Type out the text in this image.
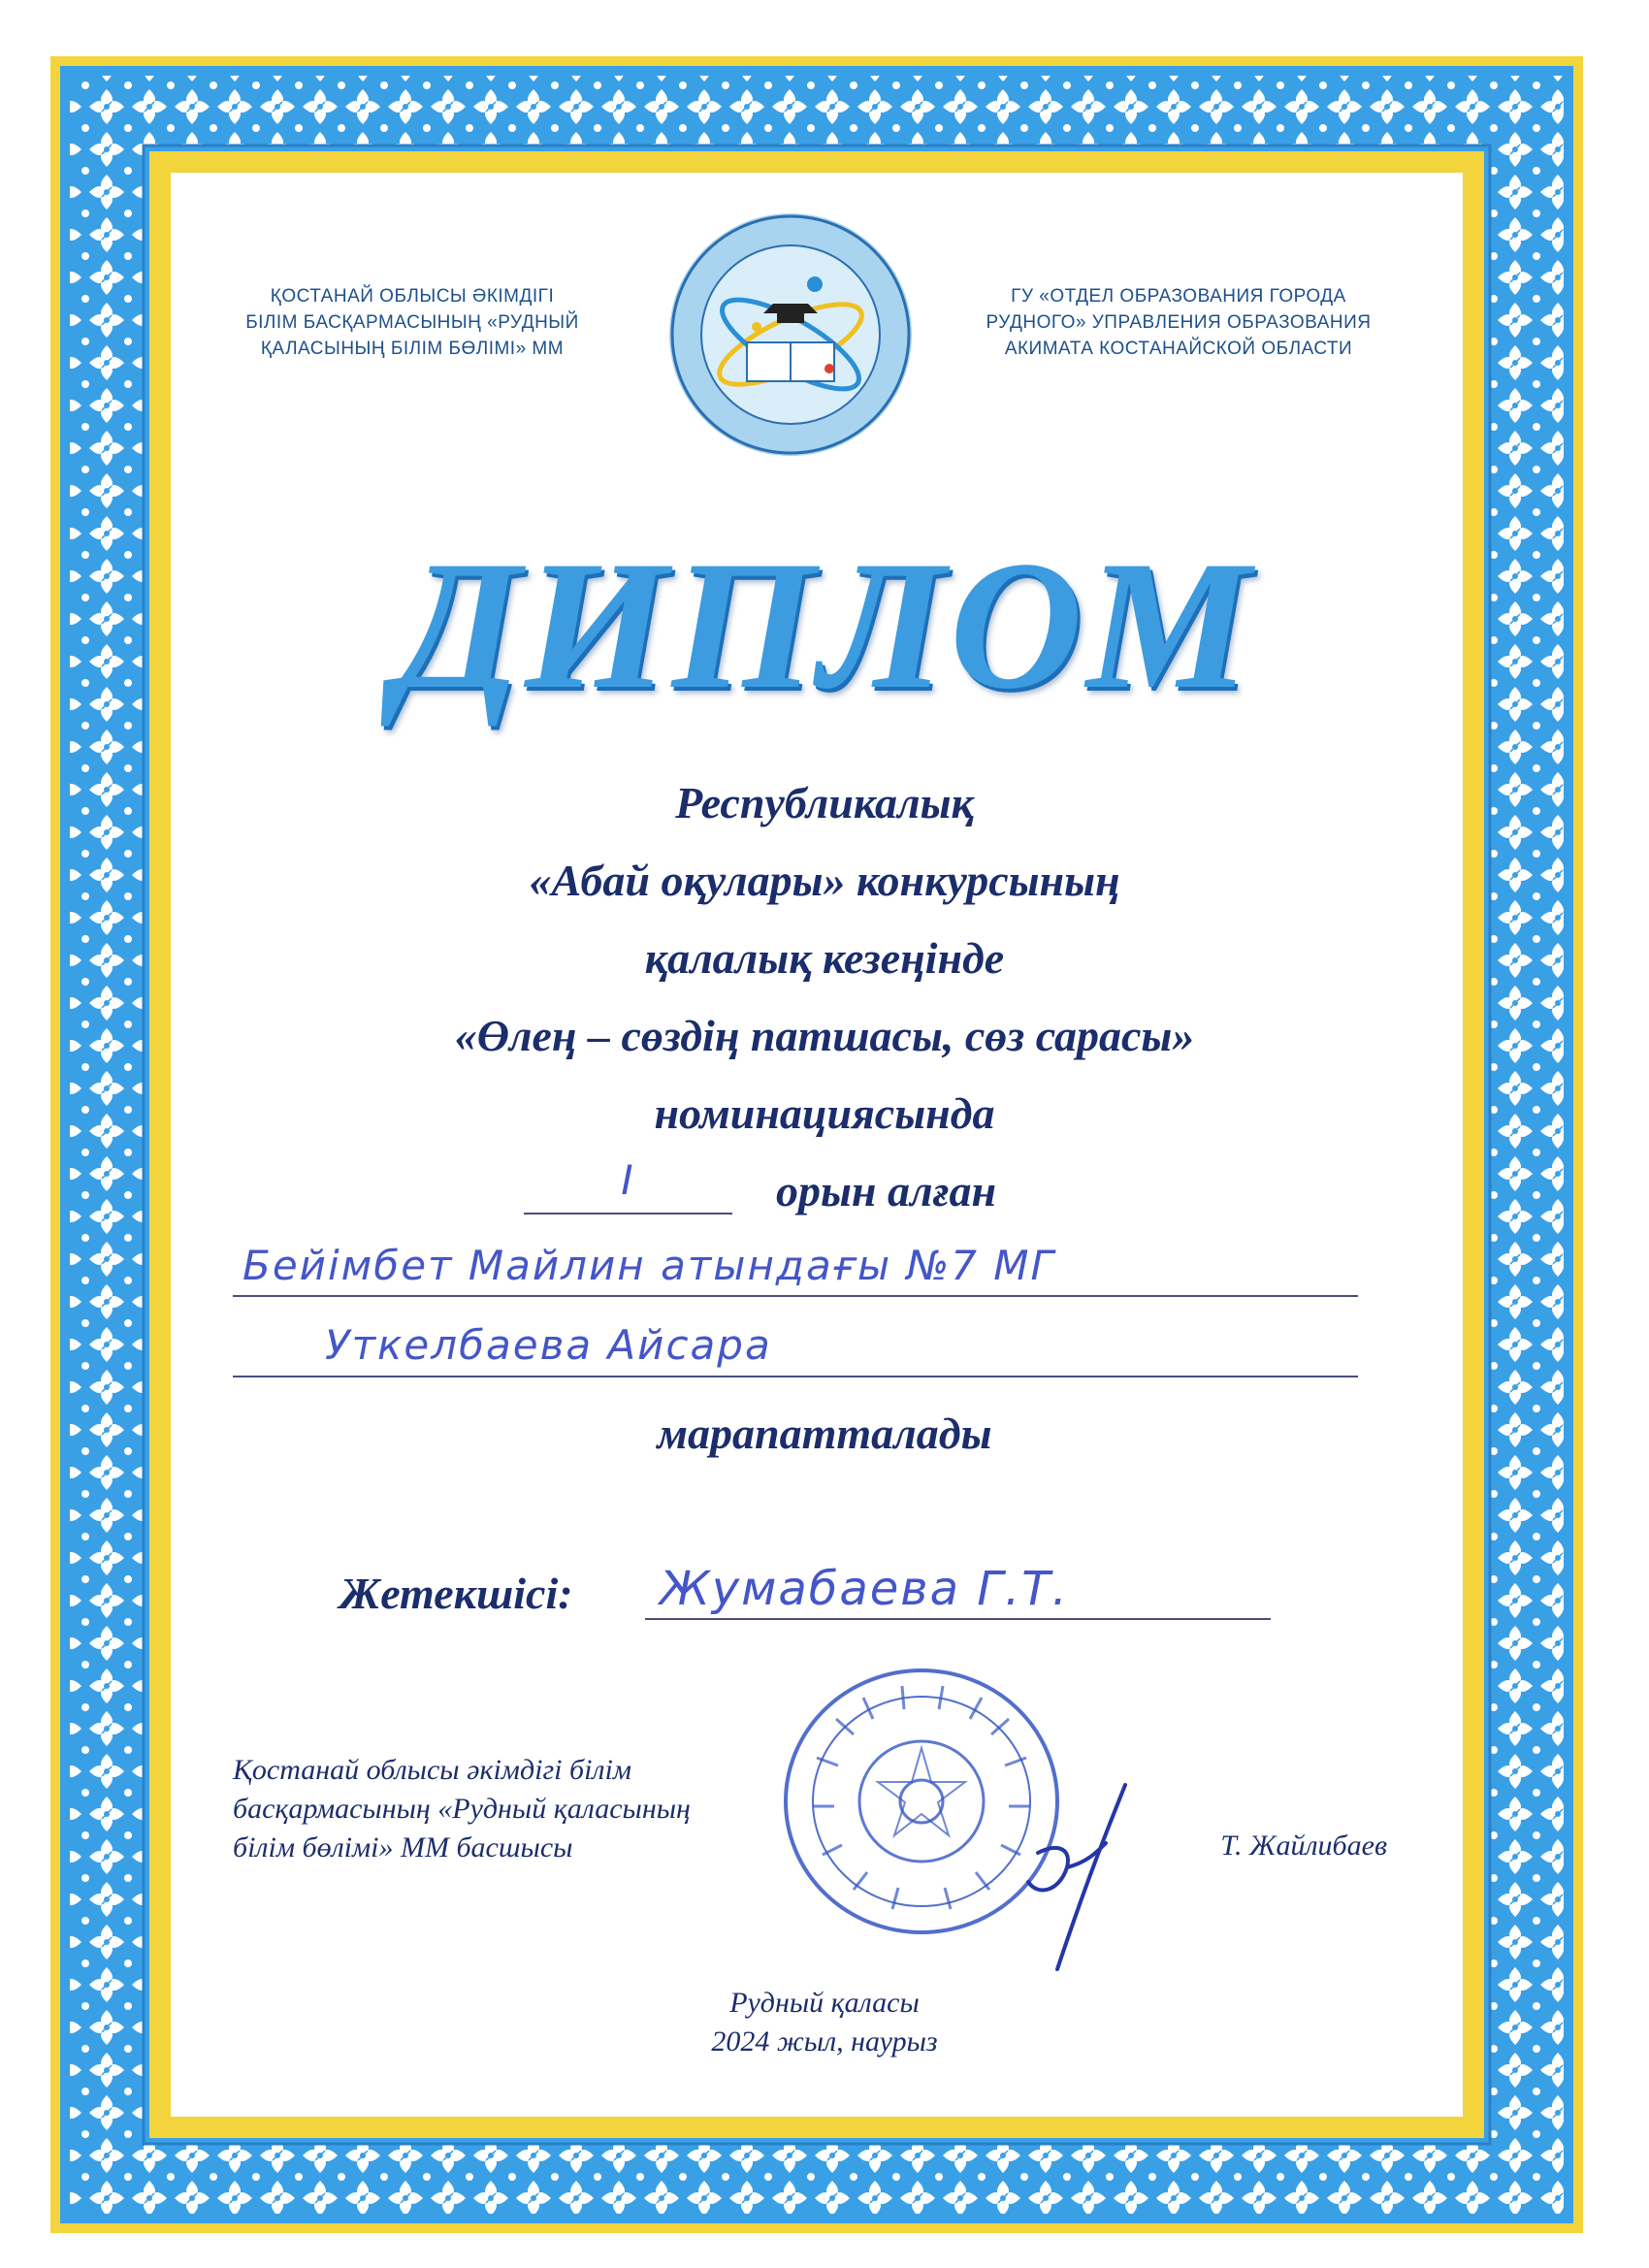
ҚОСТАНАЙ ОБЛЫСЫ ӘКІМДІГІ
БІЛІМ БАСҚАРМАСЫНЫҢ «РУДНЫЙ
ҚАЛАСЫНЫҢ БІЛІМ БӨЛІМІ» ММ
ГУ «ОТДЕЛ ОБРАЗОВАНИЯ ГОРОДА
РУДНОГО» УПРАВЛЕНИЯ ОБРАЗОВАНИЯ
АКИМАТА КОСТАНАЙСКОЙ ОБЛАСТИ
ДИПЛОМ
Республикалық
«Абай оқулары» конкурсының
қалалық кезеңінде
«Өлең – сөздің патшасы, сөз сарасы»
номинациясында
I	орын алған
Бейімбет Майлин атындағы №7 МГ
Уткелбаева Айсара
марапатталады
Жетекшісі:	Жумабаева Г.Т.
Қостанай облысы әкімдігі білім
басқармасының «Рудный қаласының
білім бөлімі» ММ басшысы	Т. Жайлибаев
Рудный қаласы
2024 жыл, наурыз
